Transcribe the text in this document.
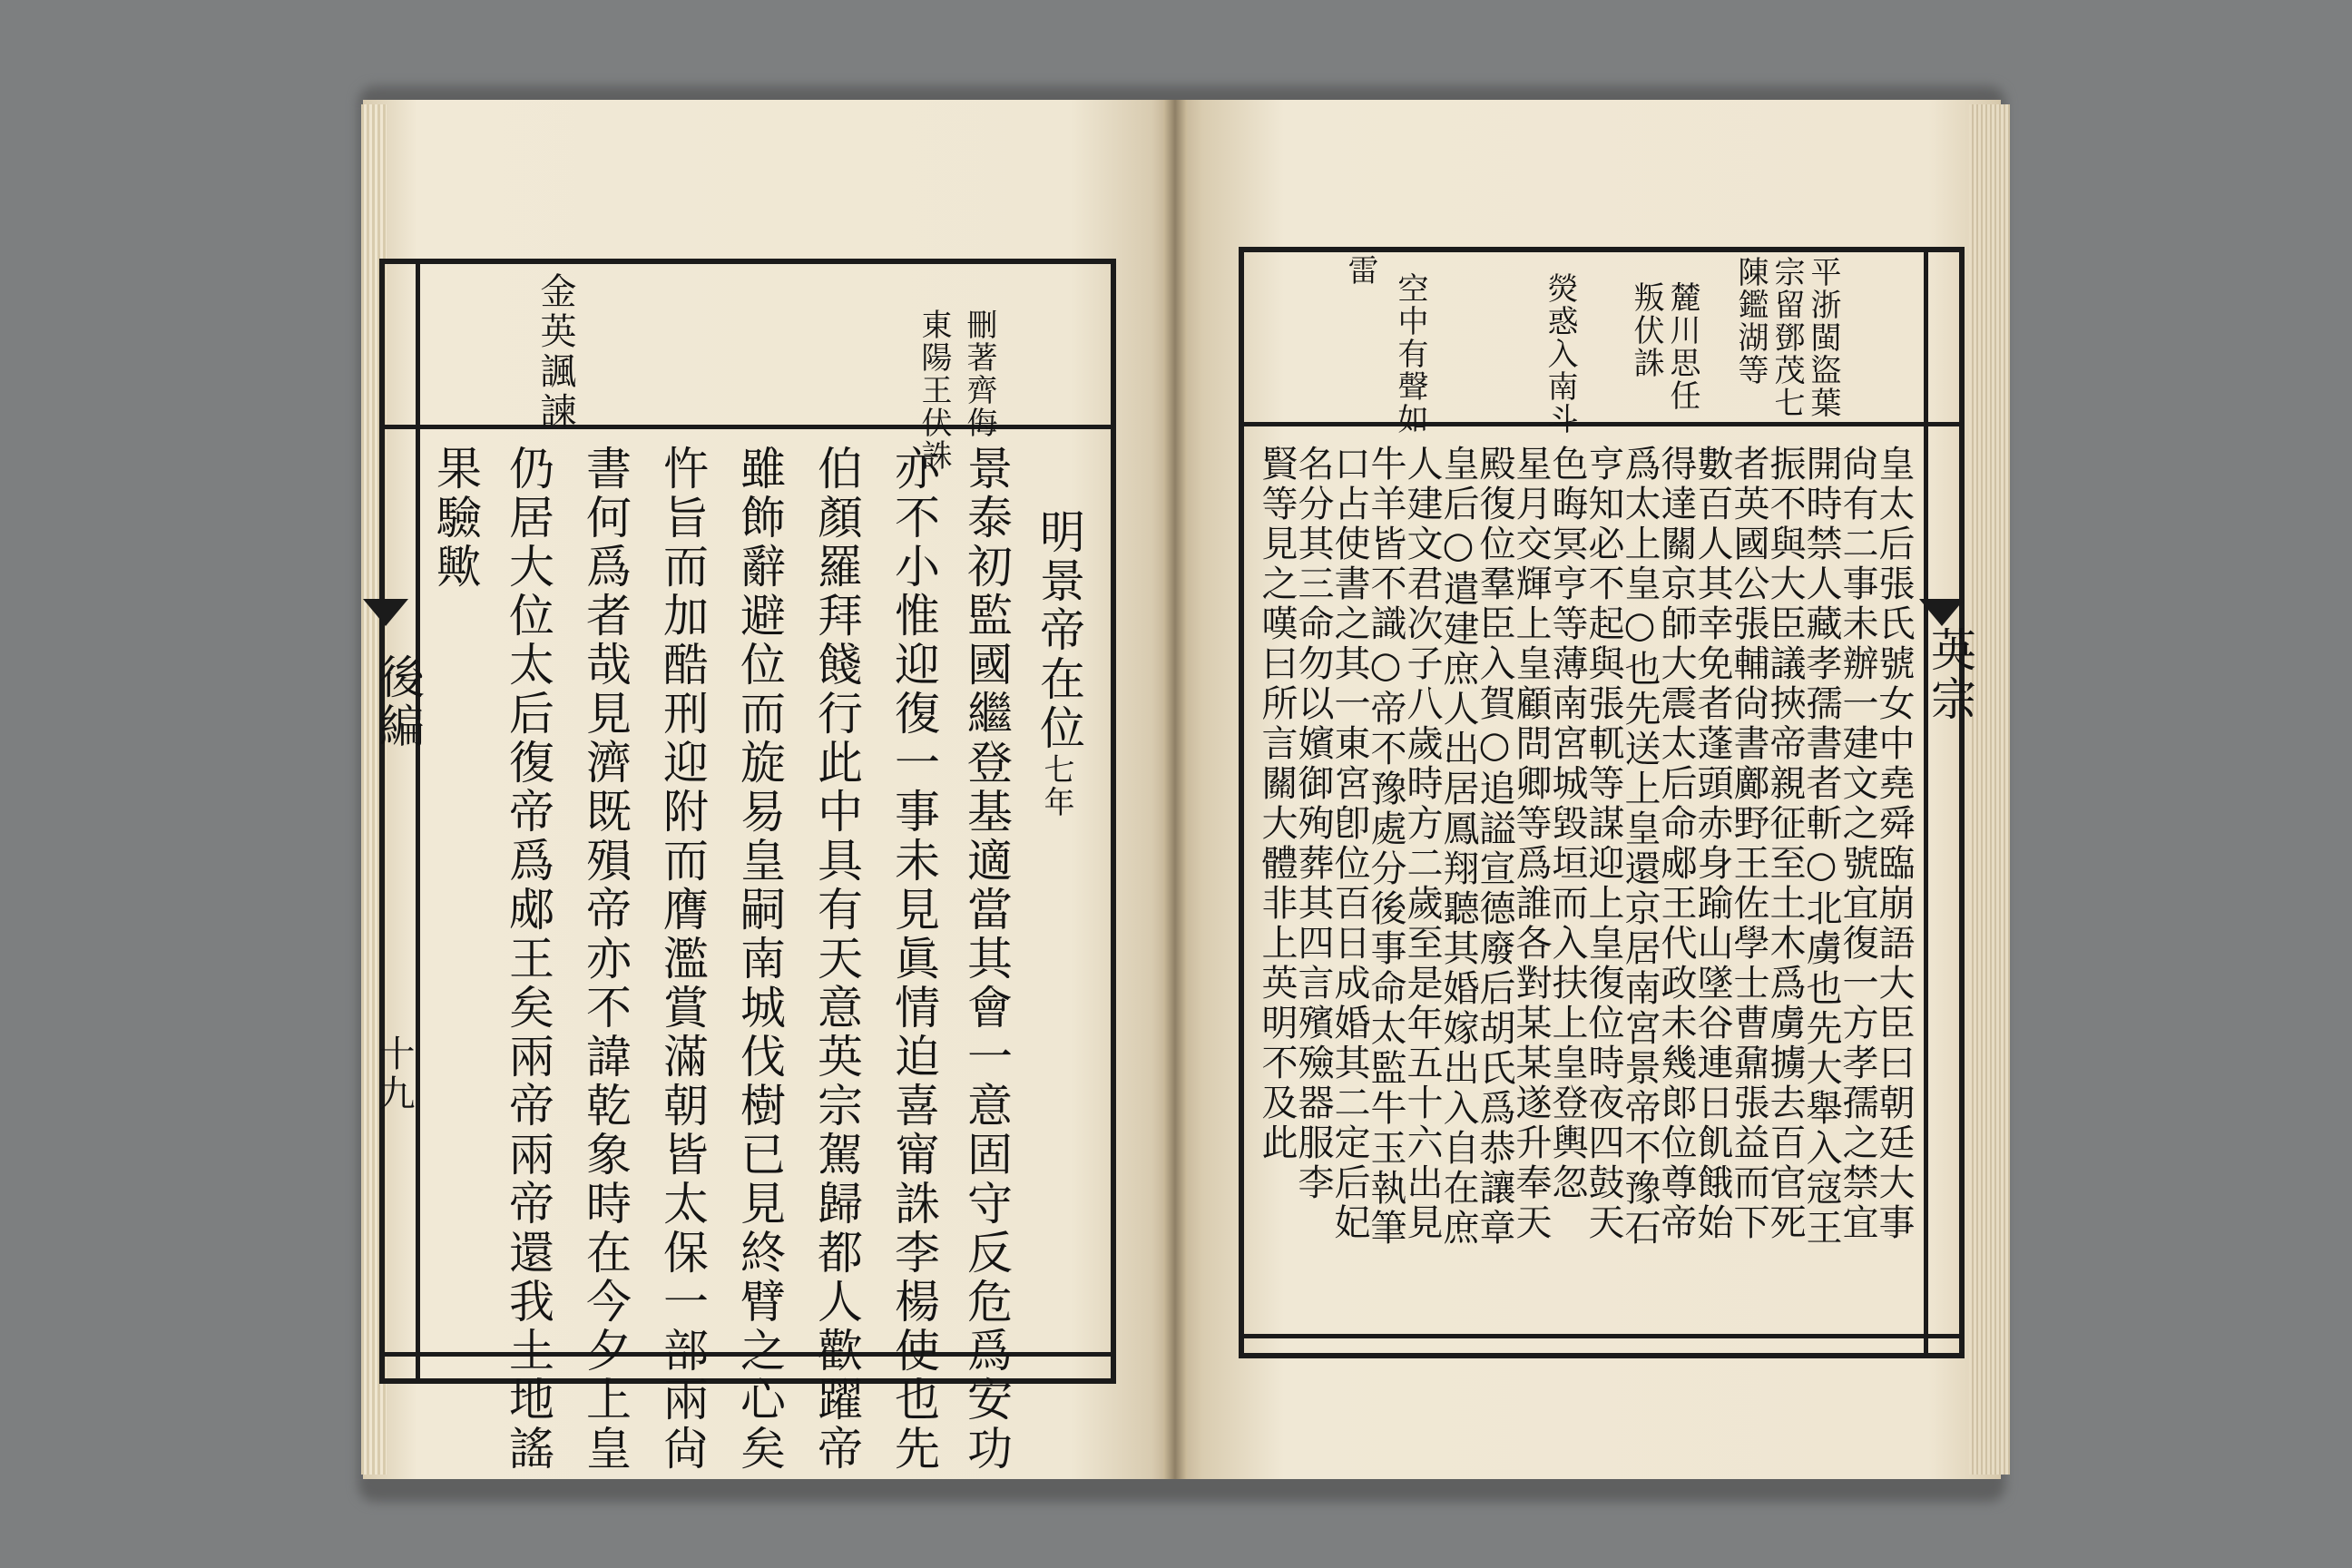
刪著齊侮
東陽王伏誅
金英諷諫
明景帝在位
七年
景泰初監國繼登基適當其會一意固守反危爲安功
亦不小惟迎復一事未見眞情迫喜甯誅李楊使也先
伯顏羅拜餞行此中具有天意英宗駕歸都人歡躍帝
雖飾辭避位而旋易皇嗣南城伐樹已見終臂之心矣
忤旨而加酷刑迎附而膺濫賞滿朝皆太保一部兩尙
書何爲者哉見濟既殞帝亦不諱乾象時在今夕上皇
仍居大位太后復帝爲郕王矣兩帝兩帝還我土地謠
果驗歟
後編
十九
平浙閩盜葉
宗留鄧茂七
陳鑑湖等
麓川思任
叛伏誅
熒惑入南斗
空中有聲如
雷
英宗
皇太后張氏號女中堯舜臨崩語大臣曰朝廷大事
尙有二事未辦一建文之號宜復一方孝孺之禁宜
開時禁人藏孝孺書者斬○北虜也先大舉入寇王
振不與大臣議挾帝親征至土木爲虜擄去百官死
者英國公張輔尙書鄺野王佐學士曹鼐張益而下
數百人其幸免者蓬頭赤身踰山墜谷連日飢餓始
得達關京師大震太后命郕王代政未幾郞位尊帝
爲太上皇○也先送上皇還京居南宮景帝不豫石
亨知必不起與張軏等謀迎上皇復位時夜四鼓天
色晦冥亨等薄南宮城毀垣而入扶上皇登輿忽
星月交輝上皇顧問卿等爲誰各對某某遂升奉天
殿復位羣臣入賀○追謚宣德廢后胡氏爲恭讓章
皇后○遣建庶人出居鳳翔聽其婚嫁出入自在庶
人建文君次子八歲時方二歲至是年五十六出見
牛羊皆不識○帝不豫處分後事命太監牛玉執筆
口占使書之其一東宮卽位百日成婚其二定后妃
名分其三命勿以嬪御殉葬其四言殯殮器服李
賢等見之嘆曰所言關大體非上英明不及此
